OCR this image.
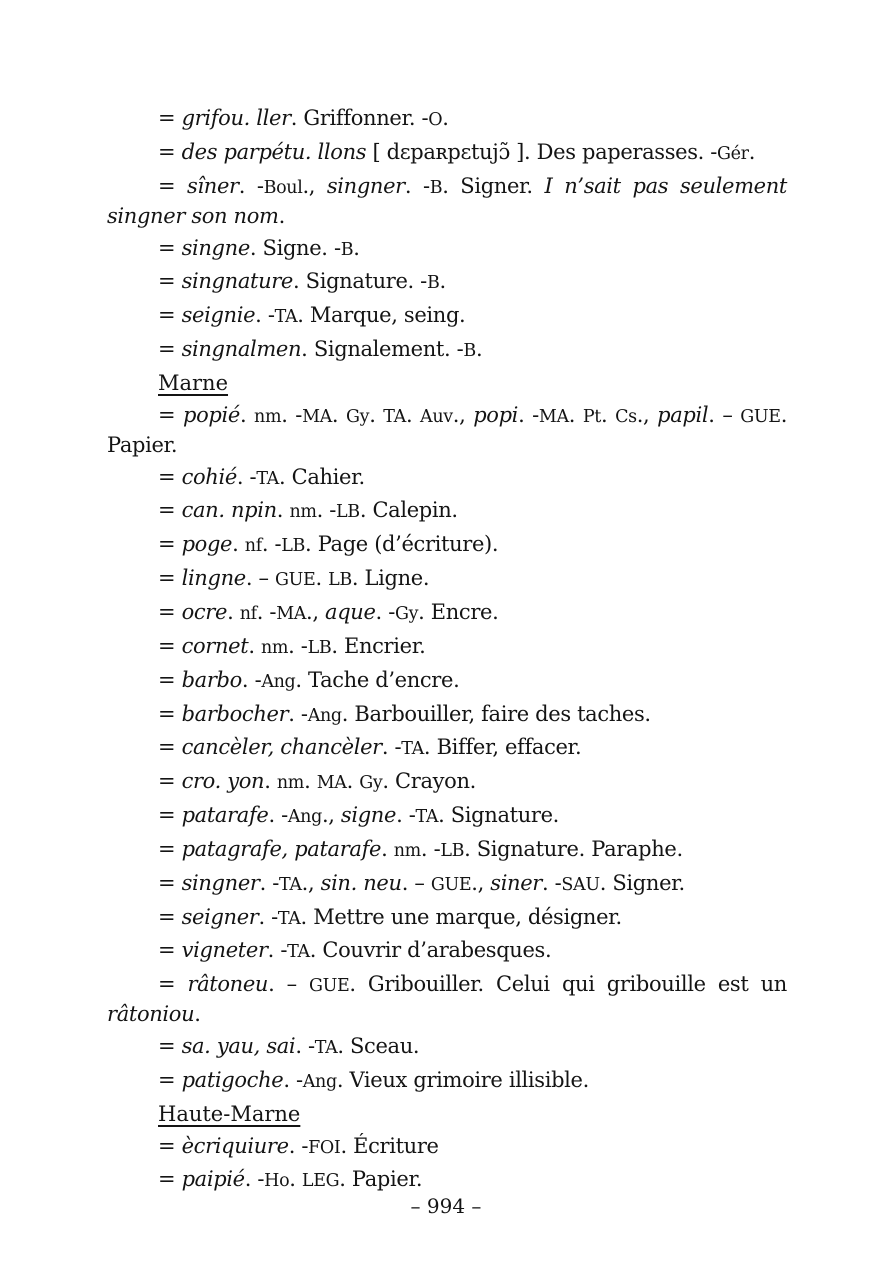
= grifou. ller. Griffonner. -O.
= des parpétu. llons [ dɛpaʀpɛtujɔ̃ ]. Des paperasses. -Gér.
= sîner. -Boul., singner. -B. Signer. I n’sait pas seulement singner son nom.
= singne. Signe. -B.
= singnature. Signature. -B.
= seignie. -TA. Marque, seing.
= singnalmen. Signalement. -B.
Marne
= popié. nm. -MA. Gy. TA. Auv., popi. -MA. Pt. Cs., papil. – GUE. Papier.
= cohié. -TA. Cahier.
= can. npin. nm. -LB. Calepin.
= poge. nf. -LB. Page (d’écriture).
= lingne. – GUE. LB. Ligne.
= ocre. nf. -MA., aque. -Gy. Encre.
= cornet. nm. -LB. Encrier.
= barbo. -Ang. Tache d’encre.
= barbocher. -Ang. Barbouiller, faire des taches.
= cancèler, chancèler. -TA. Biffer, effacer.
= cro. yon. nm. MA. Gy. Crayon.
= patarafe. -Ang., signe. -TA. Signature.
= patagrafe, patarafe. nm. -LB. Signature. Paraphe.
= singner. -TA., sin. neu. – GUE., siner. -SAU. Signer.
= seigner. -TA. Mettre une marque, désigner.
= vigneter. -TA. Couvrir d’arabesques.
= râtoneu. – GUE. Gribouiller. Celui qui gribouille est un râtoniou.
= sa. yau, sai. -TA. Sceau.
= patigoche. -Ang. Vieux grimoire illisible.
Haute-Marne
= ècriquiure. -FOI. Écriture
= paipié. -Ho. LEG. Papier.
– 994 –
